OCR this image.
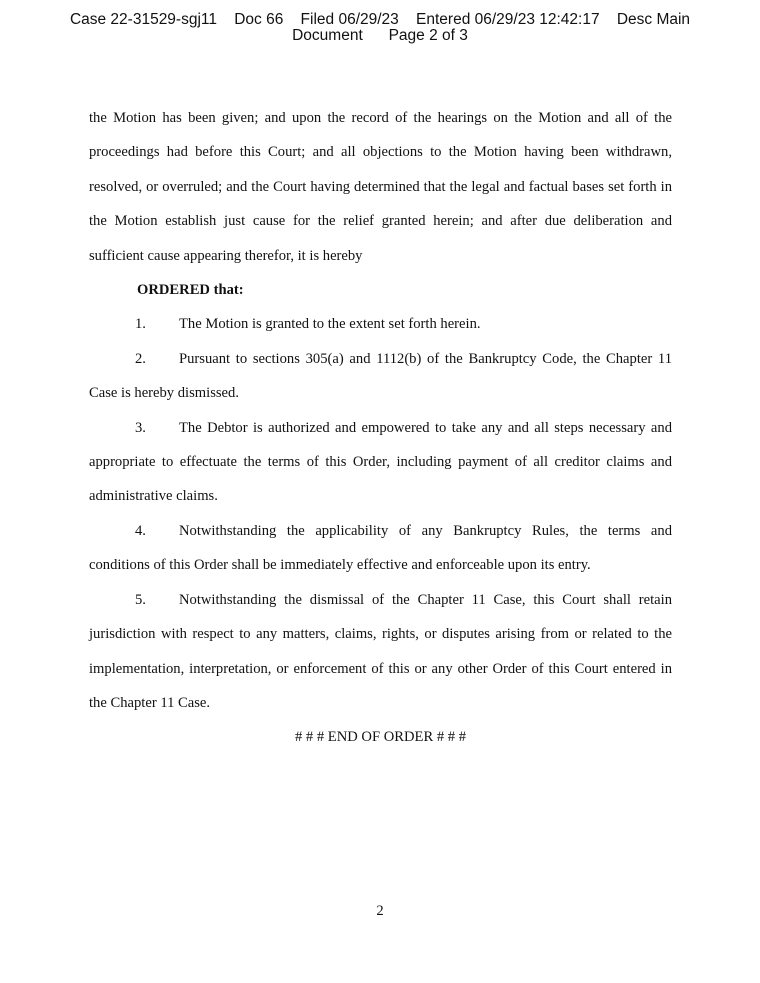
Case 22-31529-sgj11    Doc 66    Filed 06/29/23    Entered 06/29/23 12:42:17    Desc Main
Document      Page 2 of 3

the Motion has been given; and upon the record of the hearings on the Motion and all of the proceedings had before this Court; and all objections to the Motion having been withdrawn, resolved, or overruled; and the Court having determined that the legal and factual bases set forth in the Motion establish just cause for the relief granted herein; and after due deliberation and sufficient cause appearing therefor, it is hereby

ORDERED that:

1. The Motion is granted to the extent set forth herein.

2. Pursuant to sections 305(a) and 1112(b) of the Bankruptcy Code, the Chapter 11 Case is hereby dismissed.

3. The Debtor is authorized and empowered to take any and all steps necessary and appropriate to effectuate the terms of this Order, including payment of all creditor claims and administrative claims.

4. Notwithstanding the applicability of any Bankruptcy Rules, the terms and conditions of this Order shall be immediately effective and enforceable upon its entry.

5. Notwithstanding the dismissal of the Chapter 11 Case, this Court shall retain jurisdiction with respect to any matters, claims, rights, or disputes arising from or related to the implementation, interpretation, or enforcement of this or any other Order of this Court entered in the Chapter 11 Case.

# # # END OF ORDER # # #

2
